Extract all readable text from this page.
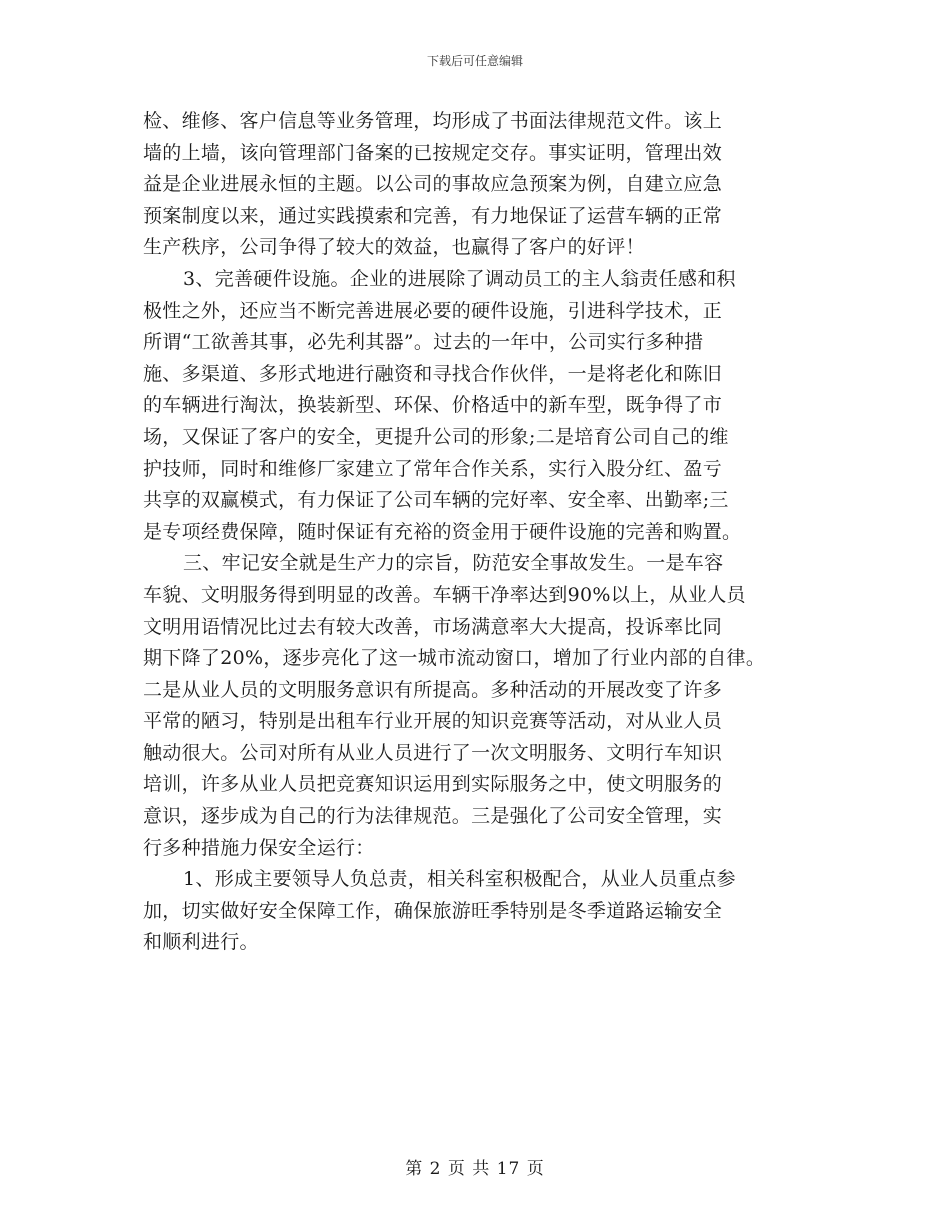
下载后可任意编辑
检、维修、客户信息等业务管理，均形成了书面法律规范文件。该上
墙的上墙，该向管理部门备案的已按规定交存。事实证明，管理出效
益是企业进展永恒的主题。以公司的事故应急预案为例，自建立应急
预案制度以来，通过实践摸索和完善，有力地保证了运营车辆的正常
生产秩序，公司争得了较大的效益，也赢得了客户的好评！
3、完善硬件设施。企业的进展除了调动员工的主人翁责任感和积
极性之外，还应当不断完善进展必要的硬件设施，引进科学技术，正
所谓“工欲善其事，必先利其器”。过去的一年中，公司实行多种措
施、多渠道、多形式地进行融资和寻找合作伙伴，一是将老化和陈旧
的车辆进行淘汰，换装新型、环保、价格适中的新车型，既争得了市
场，又保证了客户的安全，更提升公司的形象;二是培育公司自己的维
护技师，同时和维修厂家建立了常年合作关系，实行入股分红、盈亏
共享的双赢模式，有力保证了公司车辆的完好率、安全率、出勤率;三
是专项经费保障，随时保证有充裕的资金用于硬件设施的完善和购置。
三、牢记安全就是生产力的宗旨，防范安全事故发生。一是车容
车貌、文明服务得到明显的改善。车辆干净率达到90%以上，从业人员
文明用语情况比过去有较大改善，市场满意率大大提高，投诉率比同
期下降了20%，逐步亮化了这一城市流动窗口，增加了行业内部的自律。
二是从业人员的文明服务意识有所提高。多种活动的开展改变了许多
平常的陋习，特别是出租车行业开展的知识竞赛等活动，对从业人员
触动很大。公司对所有从业人员进行了一次文明服务、文明行车知识
培训，许多从业人员把竞赛知识运用到实际服务之中，使文明服务的
意识，逐步成为自己的行为法律规范。三是强化了公司安全管理，实
行多种措施力保安全运行：
1、形成主要领导人负总责，相关科室积极配合，从业人员重点参
加，切实做好安全保障工作，确保旅游旺季特别是冬季道路运输安全
和顺利进行。
第 2 页 共 17 页
